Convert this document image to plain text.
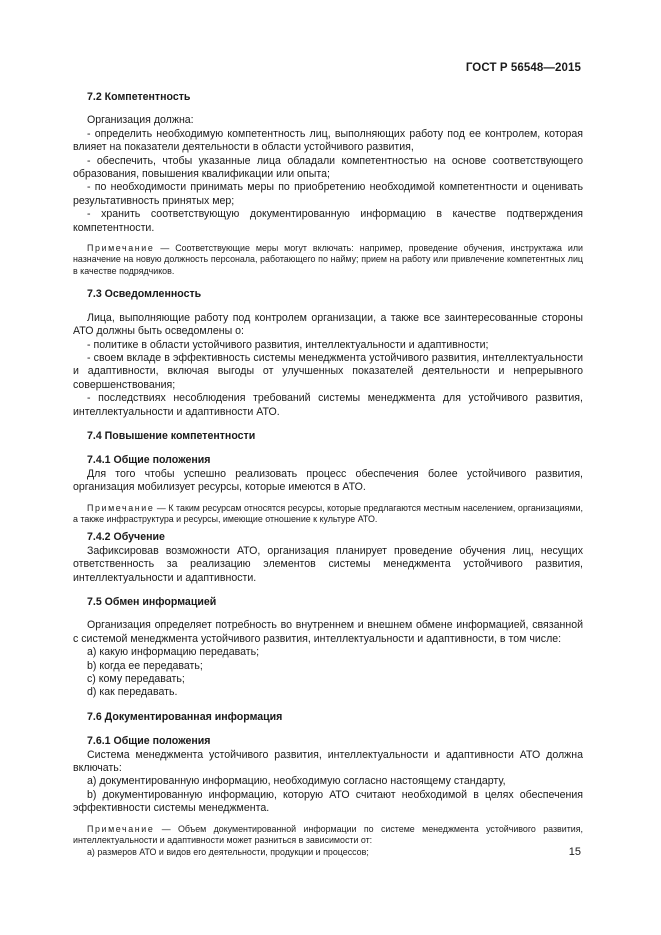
ГОСТ Р 56548—2015

7.2 Компетентность

Организация должна:

- определить необходимую компетентность лиц, выполняющих работу под ее контролем, которая влияет на показатели деятельности в области устойчивого развития,

- обеспечить, чтобы указанные лица обладали компетентностью на основе соответствующего образования, повышения квалификации или опыта;

- по необходимости принимать меры по приобретению необходимой компетентности и оценивать результативность принятых мер;

- хранить соответствующую документированную информацию в качестве подтверждения компетентности.

Примечание — Соответствующие меры могут включать: например, проведение обучения, инструктажа или назначение на новую должность персонала, работающего по найму; прием на работу или привлечение компетентных лиц в качестве подрядчиков.

7.3 Осведомленность

Лица, выполняющие работу под контролем организации, а также все заинтересованные стороны АТО должны быть осведомлены о:

- политике в области устойчивого развития, интеллектуальности и адаптивности;

- своем вкладе в эффективность системы менеджмента устойчивого развития, интеллектуальности и адаптивности, включая выгоды от улучшенных показателей деятельности и непрерывного совершенствования;

- последствиях несоблюдения требований системы менеджмента для устойчивого развития, интеллектуальности и адаптивности АТО.

7.4 Повышение компетентности

7.4.1 Общие положения

Для того чтобы успешно реализовать процесс обеспечения более устойчивого развития, организация мобилизует ресурсы, которые имеются в АТО.

Примечание — К таким ресурсам относятся ресурсы, которые предлагаются местным населением, организациями, а также инфраструктура и ресурсы, имеющие отношение к культуре АТО.

7.4.2 Обучение

Зафиксировав возможности АТО, организация планирует проведение обучения лиц, несущих ответственность за реализацию элементов системы менеджмента устойчивого развития, интеллектуальности и адаптивности.

7.5 Обмен информацией

Организация определяет потребность во внутреннем и внешнем обмене информацией, связанной с системой менеджмента устойчивого развития, интеллектуальности и адаптивности, в том числе:

a) какую информацию передавать;

b) когда ее передавать;

c) кому передавать;

d) как передавать.

7.6 Документированная информация

7.6.1 Общие положения

Система менеджмента устойчивого развития, интеллектуальности и адаптивности АТО должна включать:

a) документированную информацию, необходимую согласно настоящему стандарту,

b) документированную информацию, которую АТО считают необходимой в целях обеспечения эффективности системы менеджмента.

Примечание — Объем документированной информации по системе менеджмента устойчивого развития, интеллектуальности и адаптивности может разниться в зависимости от:

а) размеров АТО и видов его деятельности, продукции и процессов;	15
